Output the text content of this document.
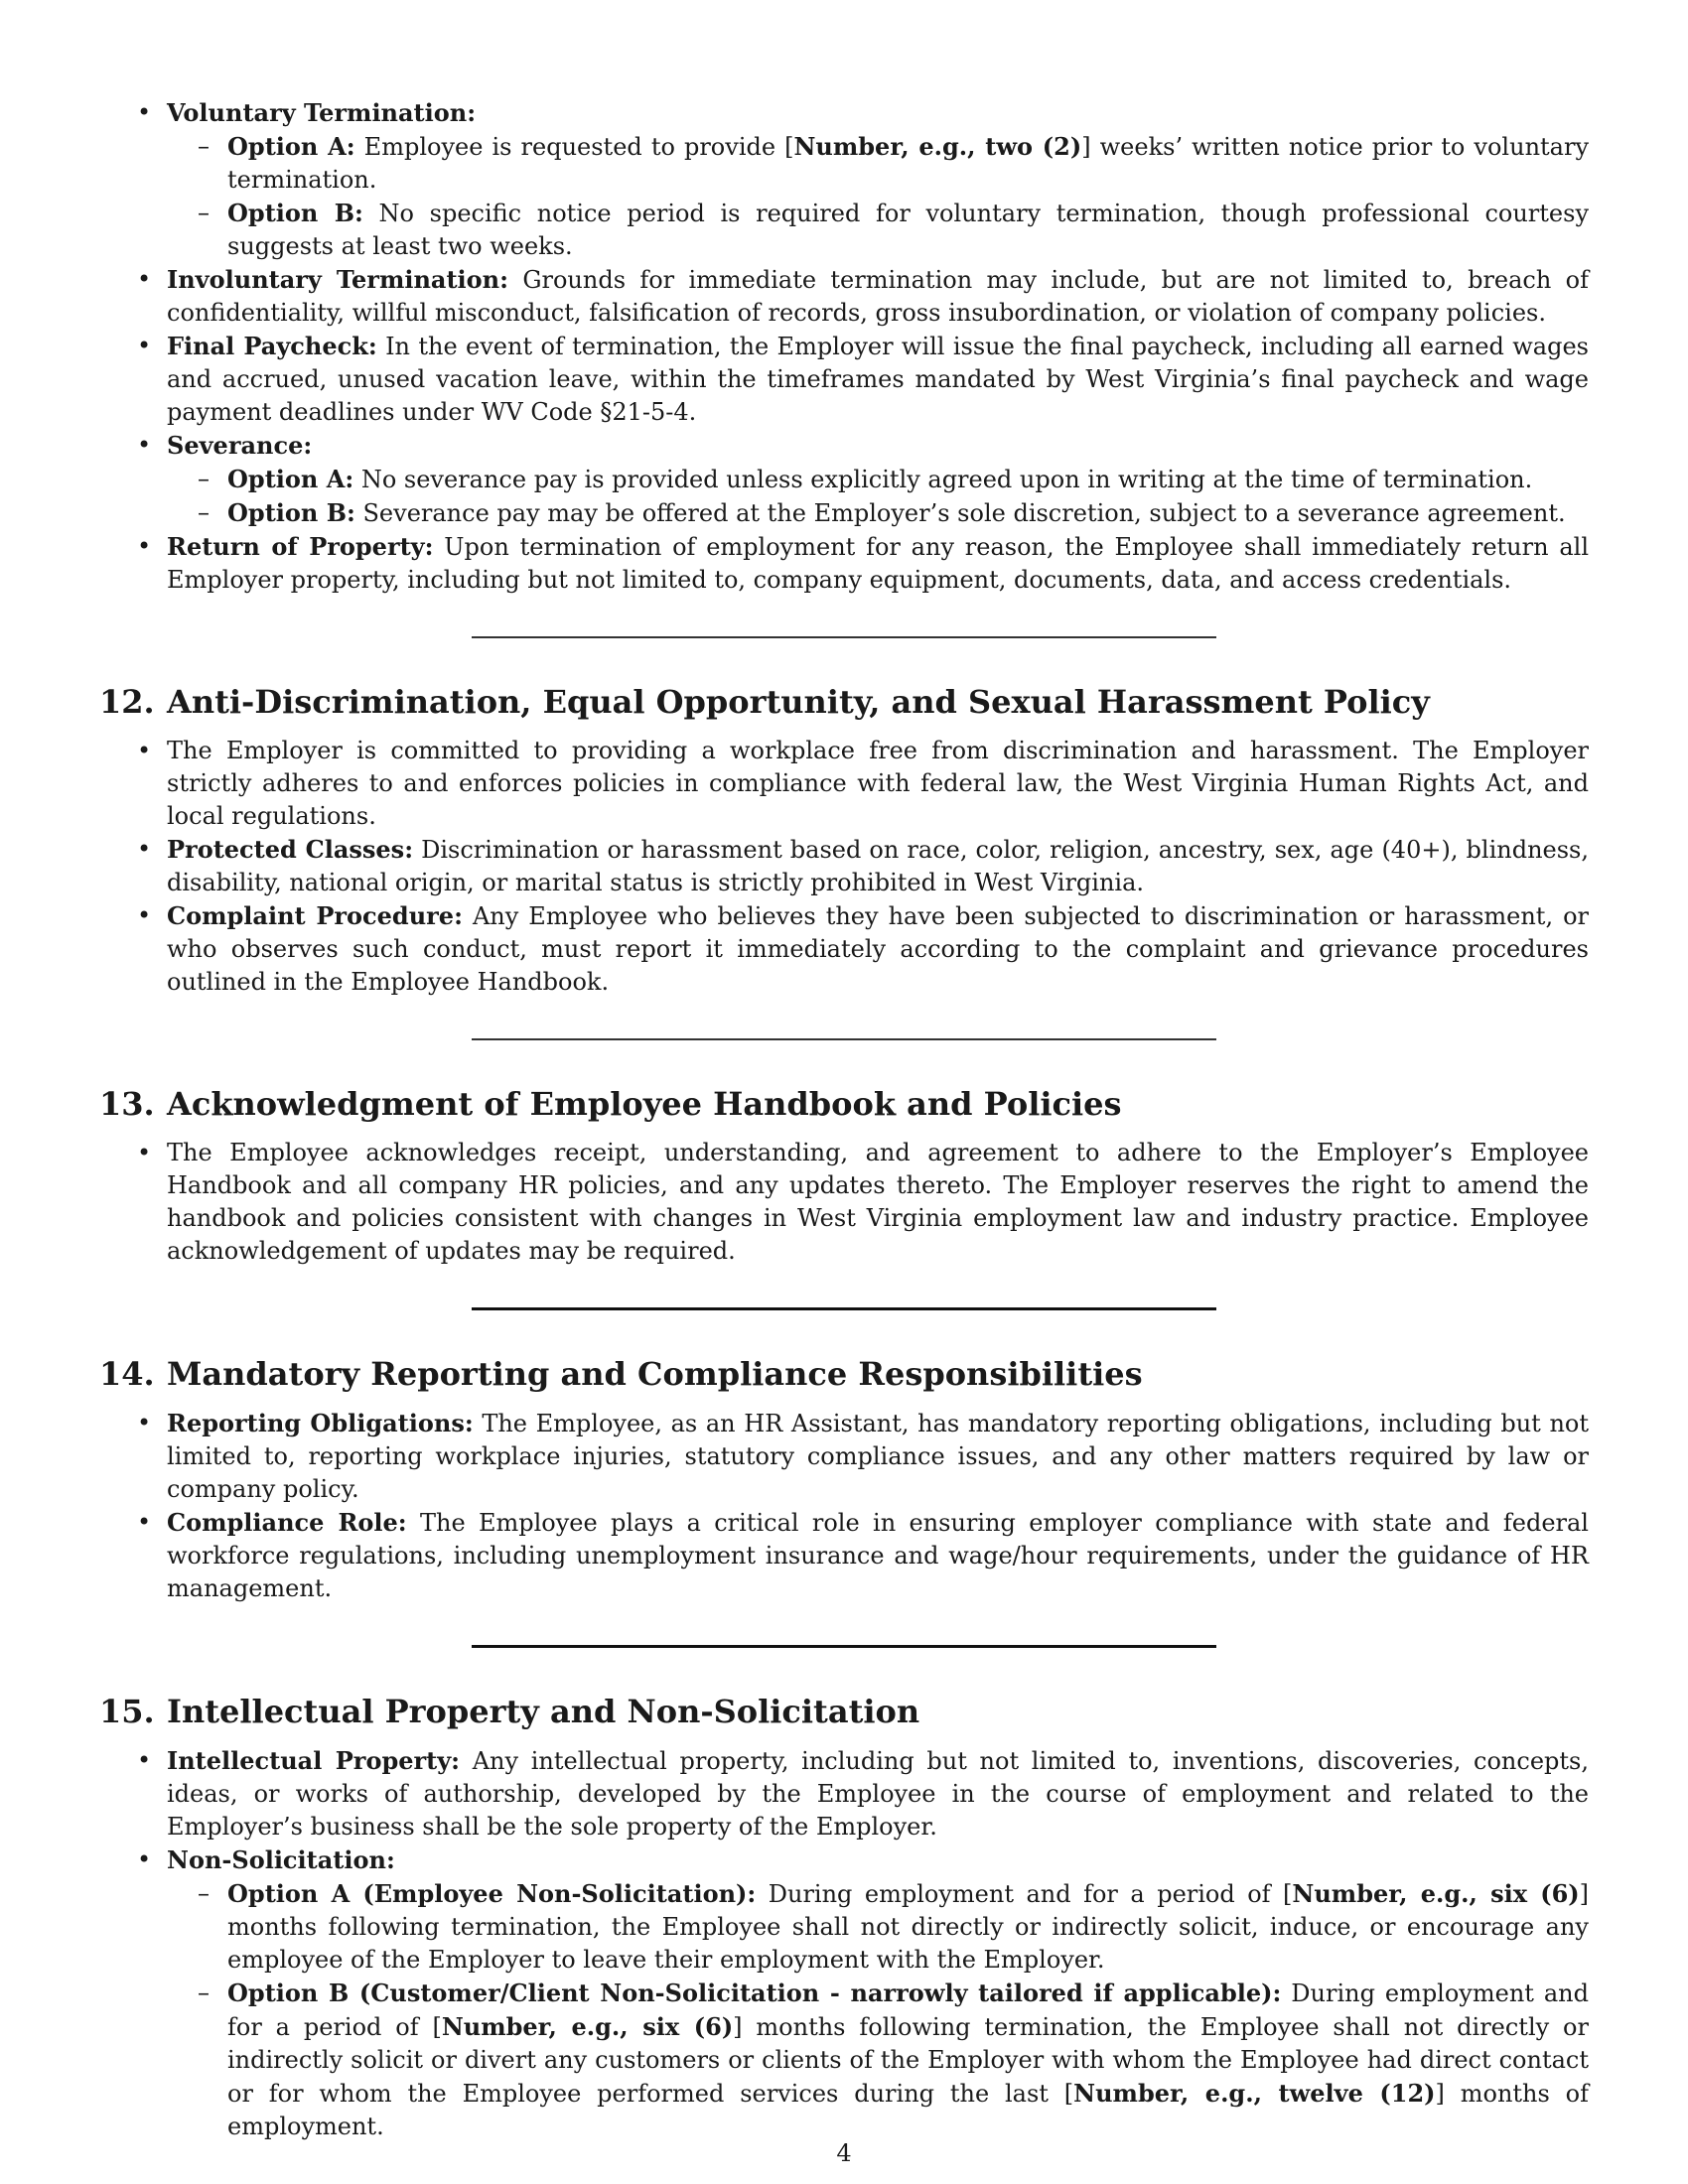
• Voluntary Termination:
– Option A: Employee is requested to provide [Number, e.g., two (2)] weeks’ written notice prior to voluntary termination.
– Option B: No specific notice period is required for voluntary termination, though professional courtesy suggests at least two weeks.
• Involuntary Termination: Grounds for immediate termination may include, but are not limited to, breach of confidentiality, willful misconduct, falsification of records, gross insubordination, or violation of company policies.
• Final Paycheck: In the event of termination, the Employer will issue the final paycheck, including all earned wages and accrued, unused vacation leave, within the timeframes mandated by West Virginia’s final paycheck and wage payment deadlines under WV Code §21-5-4.
• Severance:
– Option A: No severance pay is provided unless explicitly agreed upon in writing at the time of termination.
– Option B: Severance pay may be offered at the Employer’s sole discretion, subject to a severance agreement.
• Return of Property: Upon termination of employment for any reason, the Employee shall immediately return all Employer property, including but not limited to, company equipment, documents, data, and access credentials.
12. Anti-Discrimination, Equal Opportunity, and Sexual Harassment Policy
• The Employer is committed to providing a workplace free from discrimination and harassment. The Employer strictly adheres to and enforces policies in compliance with federal law, the West Virginia Human Rights Act, and local regulations.
• Protected Classes: Discrimination or harassment based on race, color, religion, ancestry, sex, age (40+), blindness, disability, national origin, or marital status is strictly prohibited in West Virginia.
• Complaint Procedure: Any Employee who believes they have been subjected to discrimination or harassment, or who observes such conduct, must report it immediately according to the complaint and grievance procedures outlined in the Employee Handbook.
13. Acknowledgment of Employee Handbook and Policies
• The Employee acknowledges receipt, understanding, and agreement to adhere to the Employer’s Employee Handbook and all company HR policies, and any updates thereto. The Employer reserves the right to amend the handbook and policies consistent with changes in West Virginia employment law and industry practice. Employee acknowledgement of updates may be required.
14. Mandatory Reporting and Compliance Responsibilities
• Reporting Obligations: The Employee, as an HR Assistant, has mandatory reporting obligations, including but not limited to, reporting workplace injuries, statutory compliance issues, and any other matters required by law or company policy.
• Compliance Role: The Employee plays a critical role in ensuring employer compliance with state and federal workforce regulations, including unemployment insurance and wage/hour requirements, under the guidance of HR management.
15. Intellectual Property and Non-Solicitation
• Intellectual Property: Any intellectual property, including but not limited to, inventions, discoveries, concepts, ideas, or works of authorship, developed by the Employee in the course of employment and related to the Employer’s business shall be the sole property of the Employer.
• Non-Solicitation:
– Option A (Employee Non-Solicitation): During employment and for a period of [Number, e.g., six (6)] months following termination, the Employee shall not directly or indirectly solicit, induce, or encourage any employee of the Employer to leave their employment with the Employer.
– Option B (Customer/Client Non-Solicitation - narrowly tailored if applicable): During employment and for a period of [Number, e.g., six (6)] months following termination, the Employee shall not directly or indirectly solicit or divert any customers or clients of the Employer with whom the Employee had direct contact or for whom the Employee performed services during the last [Number, e.g., twelve (12)] months of employment.
4
